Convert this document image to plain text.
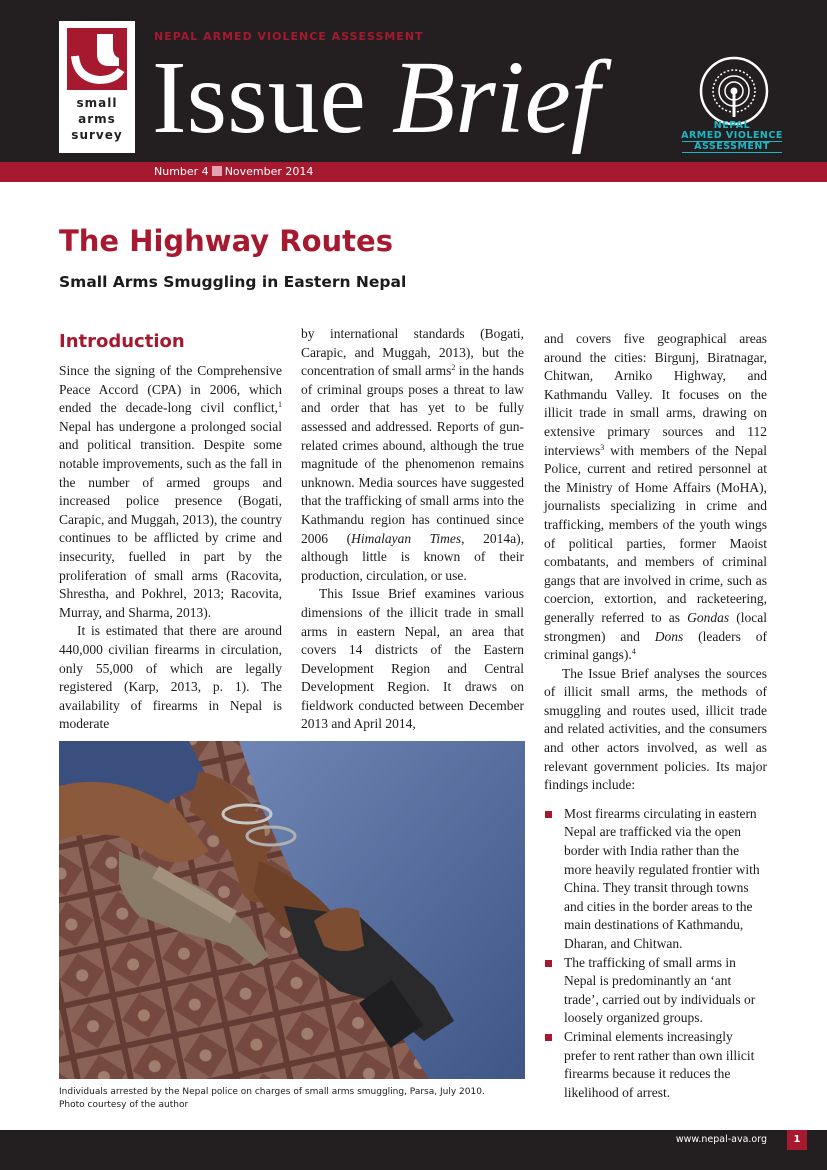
small
arms
survey
NEPAL ARMED VIOLENCE ASSESSMENT
Issue Brief	NEPAL
ARMED VIOLENCE
ASSESSMENT
Number 4 November 2014
The Highway Routes
Small Arms Smuggling in Eastern Nepal
Introduction

Since the signing of the Comprehensive Peace Accord (CPA) in 2006, which ended the decade-long civil conflict,$^1$ Nepal has undergone a prolonged social and political transition. Despite some notable improvements, such as the fall in the number of armed groups and increased police presence (Bogati, Carapic, and Muggah, 2013), the country continues to be afflicted by crime and insecurity, fuelled in part by the proliferation of small arms (Racovita, Shrestha, and Pokhrel, 2013; Racovita, Murray, and Sharma, 2013).

It is estimated that there are around 440,000 civilian firearms in circulation, only 55,000 of which are legally registered (Karp, 2013, p. 1). The availability of firearms in Nepal is moderate

by international standards (Bogati, Carapic, and Muggah, 2013), but the concentration of small arms$^2$ in the hands of criminal groups poses a threat to law and order that has yet to be fully assessed and addressed. Reports of gun-related crimes abound, although the true magnitude of the phenomenon remains unknown. Media sources have suggested that the trafficking of small arms into the Kathmandu region has continued since 2006 (Himalayan Times, 2014a), although little is known of their production, circulation, or use.

This Issue Brief examines various dimensions of the illicit trade in small arms in eastern Nepal, an area that covers 14 districts of the Eastern Development Region and Central Development Region. It draws on fieldwork conducted between December 2013 and April 2014,

and covers five geographical areas around the cities: Birgunj, Biratnagar, Chitwan, Arniko Highway, and Kathmandu Valley. It focuses on the illicit trade in small arms, drawing on extensive primary sources and 112 interviews$^3$ with members of the Nepal Police, current and retired personnel at the Ministry of Home Affairs (MoHA), journalists specializing in crime and trafficking, members of the youth wings of political parties, former Maoist combatants, and members of criminal gangs that are involved in crime, such as coercion, extortion, and racketeering, generally referred to as Gondas (local strongmen) and Dons (leaders of criminal gangs).$^4$

The Issue Brief analyses the sources of illicit small arms, the methods of smuggling and routes used, illicit trade and related activities, and the consumers and other actors involved, as well as relevant government policies. Its major findings include:

Most firearms circulating in eastern Nepal are trafficked via the open border with India rather than the more heavily regulated frontier with China. They transit through towns and cities in the border areas to the main destinations of Kathmandu, Dharan, and Chitwan.
The trafficking of small arms in Nepal is predominantly an ‘ant trade’, carried out by individuals or loosely organized groups.
Criminal elements increasingly prefer to rent rather than own illicit firearms because it reduces the likelihood of arrest.
Individuals arrested by the Nepal police on charges of small arms smuggling, Parsa, July 2010.
Photo courtesy of the author
www.nepal-ava.org	1
